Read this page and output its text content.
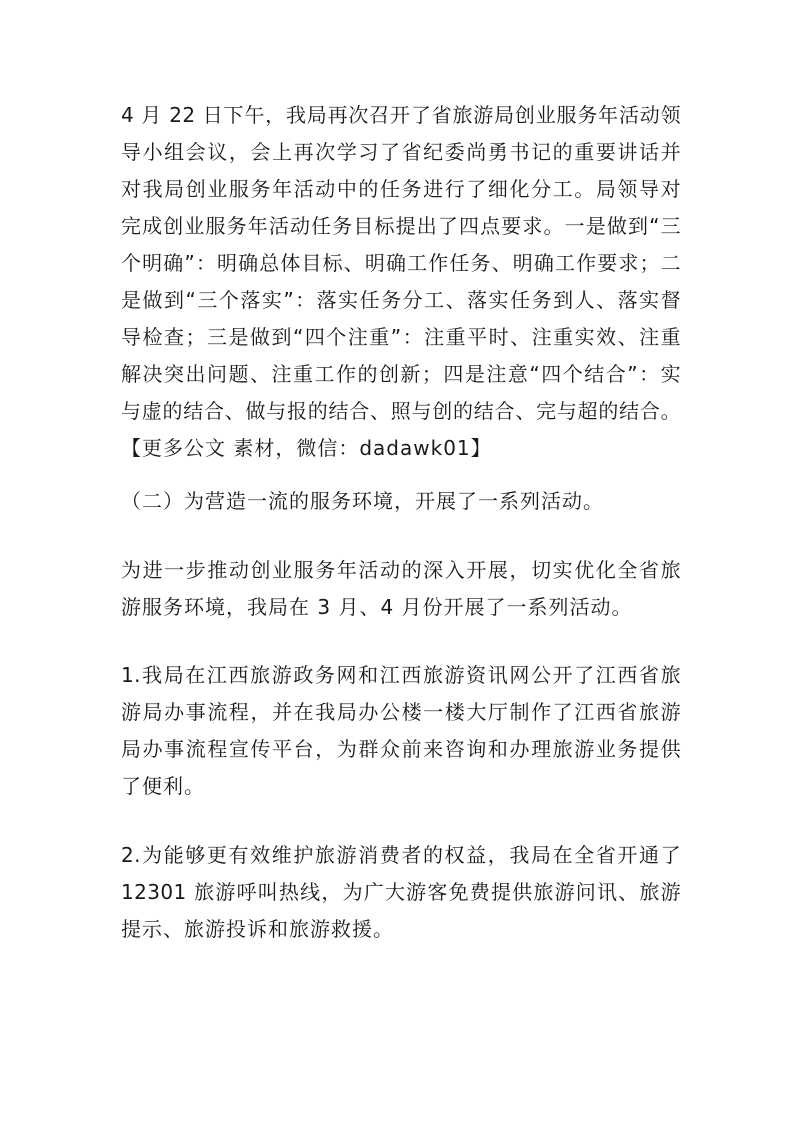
4 月 22 日下午，我局再次召开了省旅游局创业服务年活动领
导小组会议，会上再次学习了省纪委尚勇书记的重要讲话并
对我局创业服务年活动中的任务进行了细化分工。局领导对
完成创业服务年活动任务目标提出了四点要求。一是做到“三
个明确”：明确总体目标、明确工作任务、明确工作要求；二
是做到“三个落实”：落实任务分工、落实任务到人、落实督
导检查；三是做到“四个注重”：注重平时、注重实效、注重
解决突出问题、注重工作的创新；四是注意“四个结合”：实
与虚的结合、做与报的结合、照与创的结合、完与超的结合。
【更多公文 素材，微信：dadawk01】
（二）为营造一流的服务环境，开展了一系列活动。
为进一步推动创业服务年活动的深入开展，切实优化全省旅
游服务环境，我局在 3 月、4 月份开展了一系列活动。
1.我局在江西旅游政务网和江西旅游资讯网公开了江西省旅
游局办事流程，并在我局办公楼一楼大厅制作了江西省旅游
局办事流程宣传平台，为群众前来咨询和办理旅游业务提供
了便利。
2.为能够更有效维护旅游消费者的权益，我局在全省开通了
12301 旅游呼叫热线，为广大游客免费提供旅游问讯、旅游
提示、旅游投诉和旅游救援。
